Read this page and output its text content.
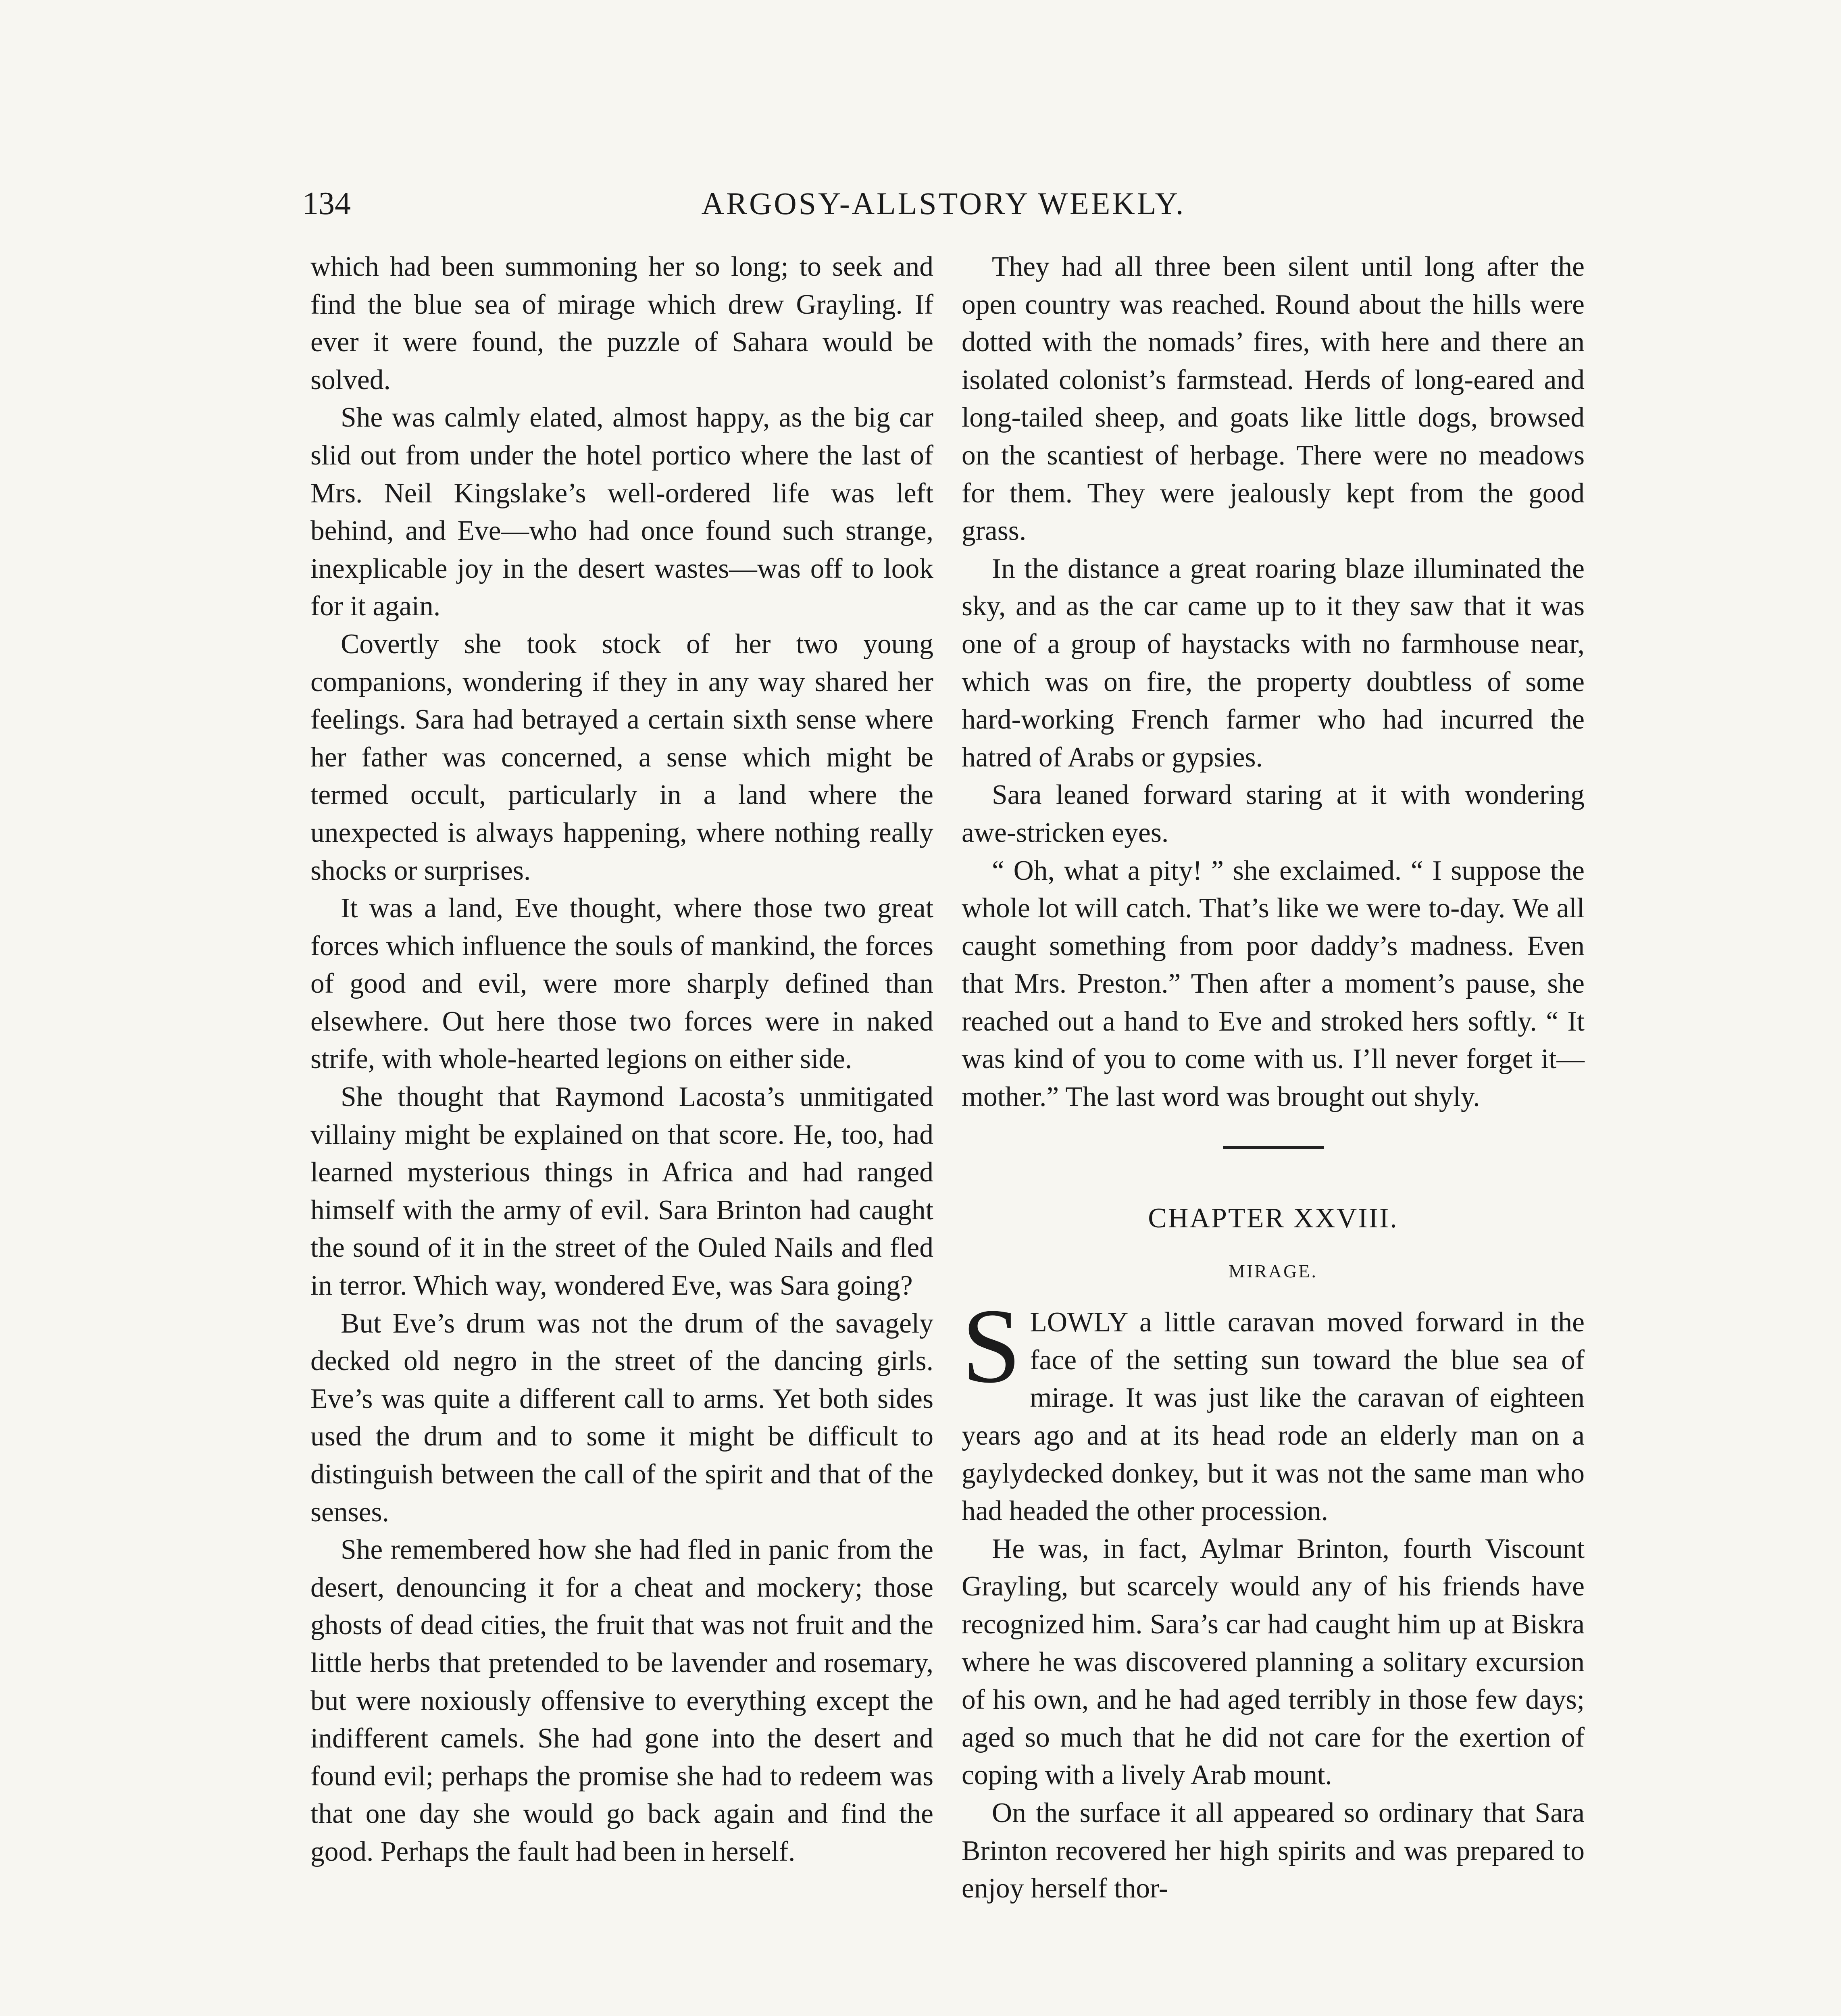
134	ARGOSY-ALLSTORY WEEKLY.

which had been summoning her so long; to seek and find the blue sea of mirage which drew Grayling. If ever it were found, the puzzle of Sahara would be solved.

She was calmly elated, almost happy, as the big car slid out from under the hotel portico where the last of Mrs. Neil Kingslake’s well-ordered life was left behind, and Eve—who had once found such strange, inexplicable joy in the desert wastes—was off to look for it again.

Covertly she took stock of her two young companions, wondering if they in any way shared her feelings. Sara had betrayed a certain sixth sense where her father was concerned, a sense which might be termed occult, particularly in a land where the unexpected is always happening, where nothing really shocks or surprises.

It was a land, Eve thought, where those two great forces which influence the souls of mankind, the forces of good and evil, were more sharply defined than elsewhere. Out here those two forces were in naked strife, with whole-hearted legions on either side.

She thought that Raymond Lacosta’s unmitigated villainy might be explained on that score. He, too, had learned mysterious things in Africa and had ranged himself with the army of evil. Sara Brinton had caught the sound of it in the street of the Ouled Nails and fled in terror. Which way, wondered Eve, was Sara going?

But Eve’s drum was not the drum of the savagely decked old negro in the street of the dancing girls. Eve’s was quite a different call to arms. Yet both sides used the drum and to some it might be difficult to distinguish between the call of the spirit and that of the senses.

She remembered how she had fled in panic from the desert, denouncing it for a cheat and mockery; those ghosts of dead cities, the fruit that was not fruit and the little herbs that pretended to be lavender and rosemary, but were noxiously offensive to everything except the indifferent camels. She had gone into the desert and found evil; perhaps the promise she had to redeem was that one day she would go back again and find the good. Perhaps the fault had been in herself.

They had all three been silent until long after the open country was reached. Round about the hills were dotted with the nomads’ fires, with here and there an isolated colonist’s farmstead. Herds of long-eared and long-tailed sheep, and goats like little dogs, browsed on the scantiest of herbage. There were no meadows for them. They were jealously kept from the good grass.

In the distance a great roaring blaze illuminated the sky, and as the car came up to it they saw that it was one of a group of haystacks with no farmhouse near, which was on fire, the property doubtless of some hard-working French farmer who had incurred the hatred of Arabs or gypsies.

Sara leaned forward staring at it with wondering awe-stricken eyes.

“ Oh, what a pity! ” she exclaimed. “ I suppose the whole lot will catch. That’s like we were to-day. We all caught something from poor daddy’s madness. Even that Mrs. Preston.” Then after a moment’s pause, she reached out a hand to Eve and stroked hers softly. “ It was kind of you to come with us. I’ll never forget it—mother.” The last word was brought out shyly.

CHAPTER XXVIII.
MIRAGE.

SLOWLY a little caravan moved forward in the face of the setting sun toward the blue sea of mirage. It was just like the caravan of eighteen years ago and at its head rode an elderly man on a gaylydecked donkey, but it was not the same man who had headed the other procession.

He was, in fact, Aylmar Brinton, fourth Viscount Grayling, but scarcely would any of his friends have recognized him. Sara’s car had caught him up at Biskra where he was discovered planning a solitary excursion of his own, and he had aged terribly in those few days; aged so much that he did not care for the exertion of coping with a lively Arab mount.

On the surface it all appeared so ordinary that Sara Brinton recovered her high spirits and was prepared to enjoy herself thor-
